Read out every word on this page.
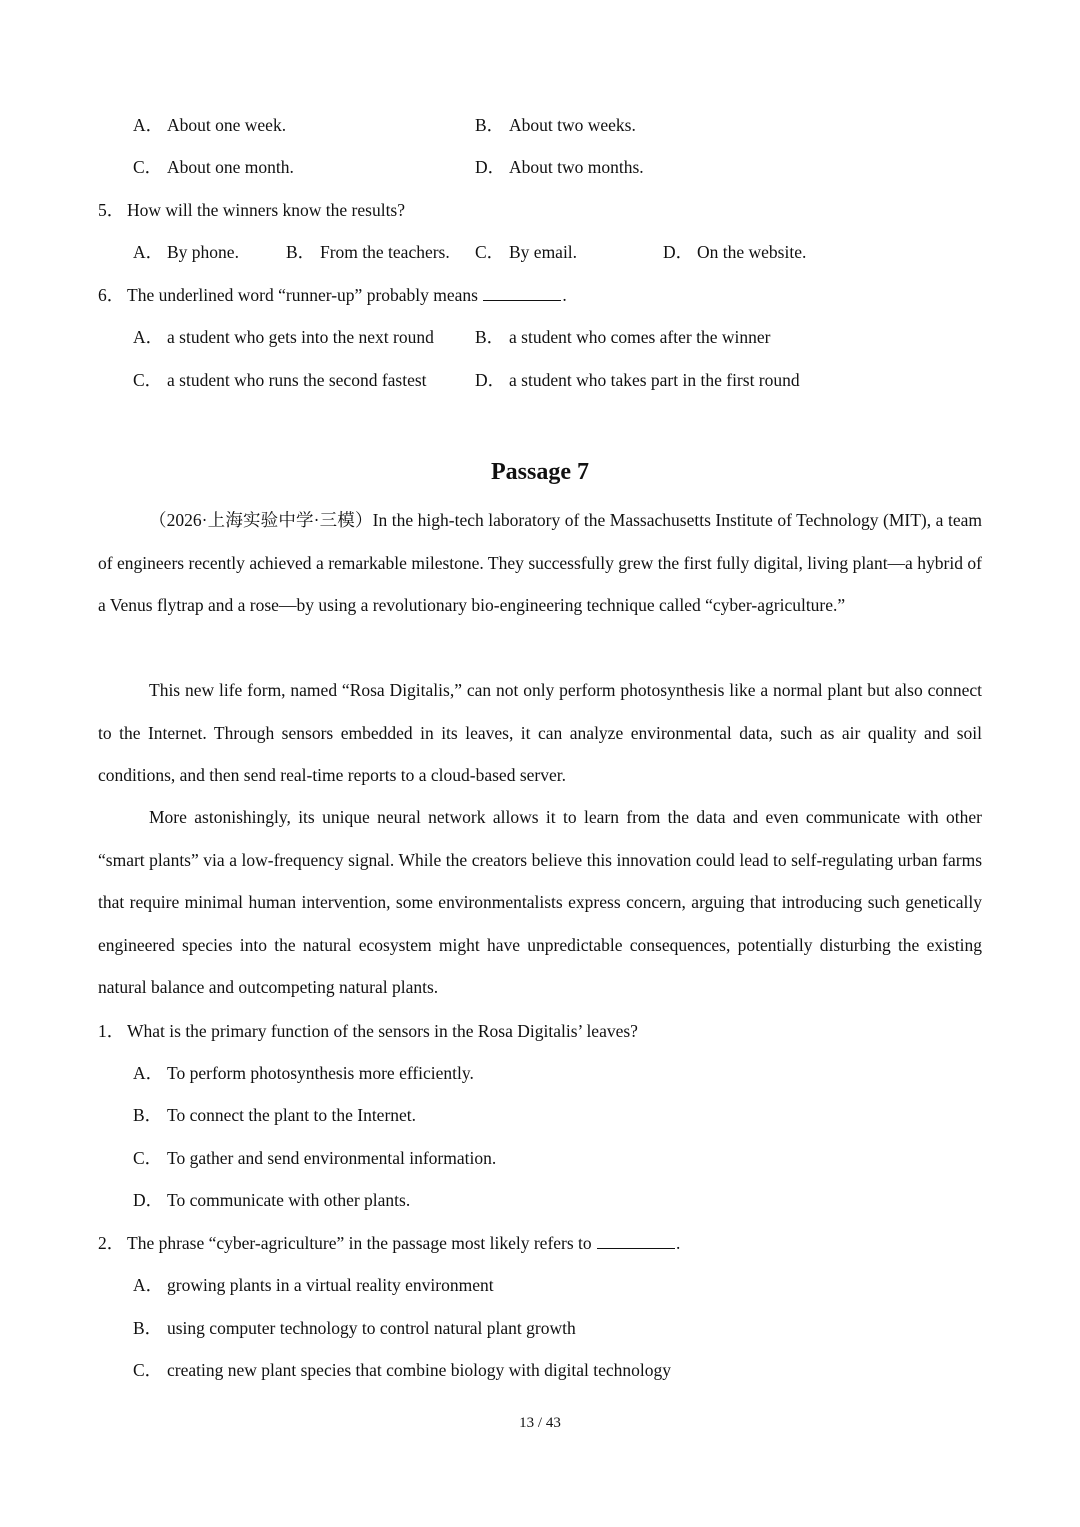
A． About one week.	B． About two weeks.
C． About one month.	D． About two months.
5． How will the winners know the results?
A． By phone.	B． From the teachers. C． By email.	D． On the website.
6． The underlined word “runner-up” probably means	.
A． a student who gets into the next round B． a student who comes after the winner
C． a student who runs the second fastest	D． a student who takes part in the first round
Passage 7

（2026·上海实验中学·三模）In the high-tech laboratory of the Massachusetts Institute of Technology (MIT), a team of engineers recently achieved a remarkable milestone. They successfully grew the first fully digital, living plant—a hybrid of a Venus flytrap and a rose—by using a revolutionary bio-engineering technique called “cyber-agriculture.”

This new life form, named “Rosa Digitalis,” can not only perform photosynthesis like a normal plant but also connect to the Internet. Through sensors embedded in its leaves, it can analyze environmental data, such as air quality and soil conditions, and then send real-time reports to a cloud-based server.

More astonishingly, its unique neural network allows it to learn from the data and even communicate with other “smart plants” via a low-frequency signal. While the creators believe this innovation could lead to self-regulating urban farms that require minimal human intervention, some environmentalists express concern, arguing that introducing such genetically engineered species into the natural ecosystem might have unpredictable consequences, potentially disturbing the existing natural balance and outcompeting natural plants.

1． What is the primary function of the sensors in the Rosa Digitalis’ leaves?
A． To perform photosynthesis more efficiently.
B． To connect the plant to the Internet.
C． To gather and send environmental information.
D． To communicate with other plants.
2． The phrase “cyber-agriculture” in the passage most likely refers to	.
A． growing plants in a virtual reality environment
B． using computer technology to control natural plant growth
C． creating new plant species that combine biology with digital technology
13 / 43
